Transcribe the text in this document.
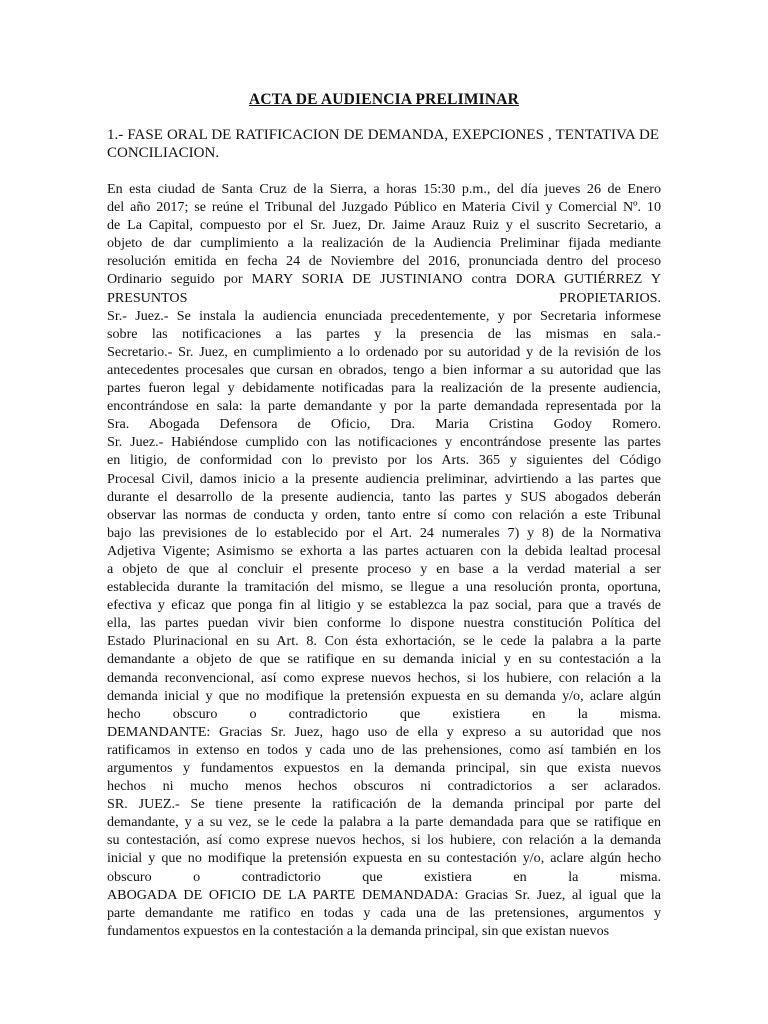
ACTA DE AUDIENCIA PRELIMINAR
1.- FASE ORAL DE RATIFICACION DE DEMANDA, EXEPCIONES , TENTATIVA DE CONCILIACION.
En esta ciudad de Santa Cruz de la Sierra, a horas 15:30 p.m., del día jueves 26 de Enero
del año 2017; se reúne el Tribunal del Juzgado Público en Materia Civil y Comercial Nº. 10
de La Capital, compuesto por el Sr. Juez, Dr. Jaime Arauz Ruiz y el suscrito Secretario, a
objeto de dar cumplimiento a la realización de la Audiencia Preliminar fijada mediante
resolución emitida en fecha 24 de Noviembre del 2016, pronunciada dentro del proceso
Ordinario seguido por MARY SORIA DE JUSTINIANO contra DORA GUTIÉRREZ Y
PRESUNTOS PROPIETARIOS.
Sr.- Juez.- Se instala la audiencia enunciada precedentemente, y por Secretaria informese
sobre las notificaciones a las partes y la presencia de las mismas en sala.-
Secretario.- Sr. Juez, en cumplimiento a lo ordenado por su autoridad y de la revisión de los
antecedentes procesales que cursan en obrados, tengo a bien informar a su autoridad que las
partes fueron legal y debidamente notificadas para la realización de la presente audiencia,
encontrándose en sala: la parte demandante y por la parte demandada representada por la
Sra. Abogada Defensora de Oficio, Dra. Maria Cristina Godoy Romero.
Sr. Juez.- Habiéndose cumplido con las notificaciones y encontrándose presente las partes
en litigio, de conformidad con lo previsto por los Arts. 365 y siguientes del Código
Procesal Civil, damos inicio a la presente audiencia preliminar, advirtiendo a las partes que
durante el desarrollo de la presente audiencia, tanto las partes y SUS abogados deberán
observar las normas de conducta y orden, tanto entre sí como con relación a este Tribunal
bajo las previsiones de lo establecido por el Art. 24 numerales 7) y 8) de la Normativa
Adjetiva Vigente; Asimismo se exhorta a las partes actuaren con la debida lealtad procesal
a objeto de que al concluir el presente proceso y en base a la verdad material a ser
establecida durante la tramitación del mismo, se llegue a una resolución pronta, oportuna,
efectiva y eficaz que ponga fin al litigio y se establezca la paz social, para que a través de
ella, las partes puedan vivir bien conforme lo dispone nuestra constitución Política del
Estado Plurinacional en su Art. 8. Con ésta exhortación, se le cede la palabra a la parte
demandante a objeto de que se ratifique en su demanda inicial y en su contestación a la
demanda reconvencional, así como exprese nuevos hechos, si los hubiere, con relación a la
demanda inicial y que no modifique la pretensión expuesta en su demanda y/o, aclare algún
hecho obscuro o contradictorio que existiera en la misma.
DEMANDANTE: Gracias Sr. Juez, hago uso de ella y expreso a su autoridad que nos
ratificamos in extenso en todos y cada uno de las prehensiones, como así también en los
argumentos y fundamentos expuestos en la demanda principal, sin que exista nuevos
hechos ni mucho menos hechos obscuros ni contradictorios a ser aclarados.
SR. JUEZ.- Se tiene presente la ratificación de la demanda principal por parte del
demandante, y a su vez, se le cede la palabra a la parte demandada para que se ratifique en
su contestación, así como exprese nuevos hechos, si los hubiere, con relación a la demanda
inicial y que no modifique la pretensión expuesta en su contestación y/o, aclare algún hecho
obscuro o contradictorio que existiera en la misma.
ABOGADA DE OFICIO DE LA PARTE DEMANDADA: Gracias Sr. Juez, al igual que la
parte demandante me ratifico en todas y cada una de las pretensiones, argumentos y
fundamentos expuestos en la contestación a la demanda principal, sin que existan nuevos
